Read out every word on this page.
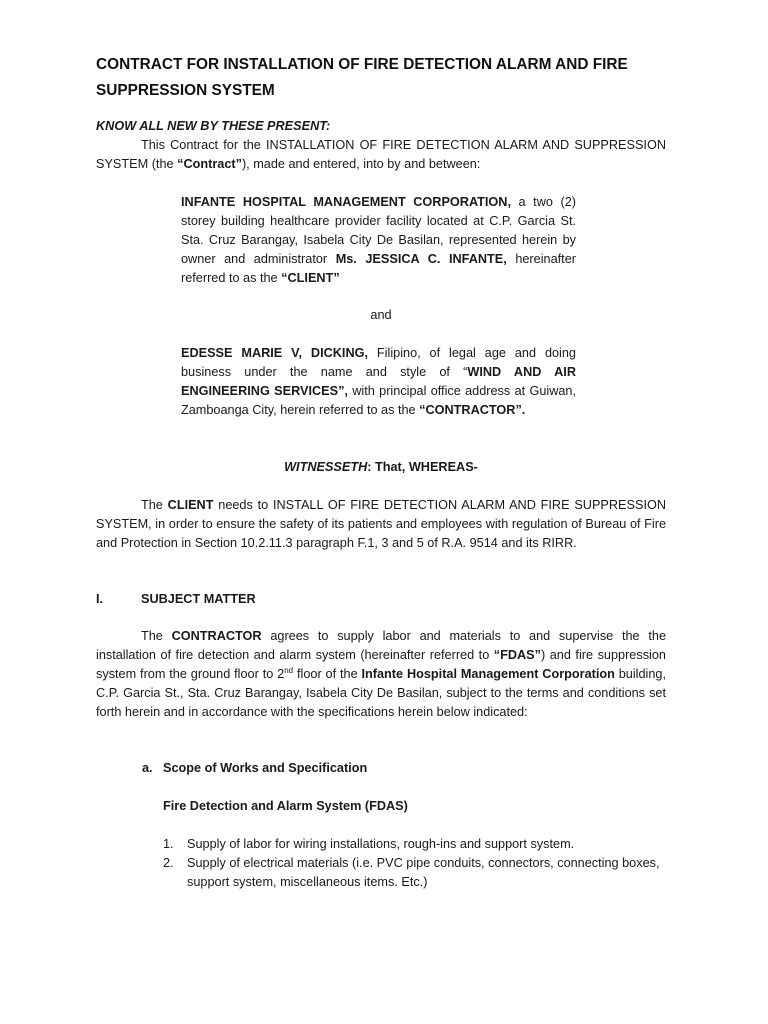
CONTRACT FOR INSTALLATION OF FIRE DETECTION ALARM AND FIRE SUPPRESSION SYSTEM
KNOW ALL NEW BY THESE PRESENT:
This Contract for the INSTALLATION OF FIRE DETECTION ALARM AND SUPPRESSION SYSTEM (the “Contract”), made and entered, into by and between:
INFANTE HOSPITAL MANAGEMENT CORPORATION, a two (2) storey building healthcare provider facility located at C.P. Garcia St. Sta. Cruz Barangay, Isabela City De Basilan, represented herein by owner and administrator Ms. JESSICA C. INFANTE, hereinafter referred to as the “CLIENT”
and
EDESSE MARIE V, DICKING, Filipino, of legal age and doing business under the name and style of “WIND AND AIR ENGINEERING SERVICES”, with principal office address at Guiwan, Zamboanga City, herein referred to as the “CONTRACTOR”.
WITNESSETH: That, WHEREAS-
The CLIENT needs to INSTALL OF FIRE DETECTION ALARM AND FIRE SUPPRESSION SYSTEM, in order to ensure the safety of its patients and employees with regulation of Bureau of Fire and Protection in Section 10.2.11.3 paragraph F.1, 3 and 5 of R.A. 9514 and its RIRR.
I.	SUBJECT MATTER
The CONTRACTOR agrees to supply labor and materials to and supervise the the installation of fire detection and alarm system (hereinafter referred to “FDAS”) and fire suppression system from the ground floor to 2nd floor of the Infante Hospital Management Corporation building, C.P. Garcia St., Sta. Cruz Barangay, Isabela City De Basilan, subject to the terms and conditions set forth herein and in accordance with the specifications herein below indicated:
a. Scope of Works and Specification
Fire Detection and Alarm System (FDAS)
1. Supply of labor for wiring installations, rough-ins and support system.
2. Supply of electrical materials (i.e. PVC pipe conduits, connectors, connecting boxes, support system, miscellaneous items. Etc.)
